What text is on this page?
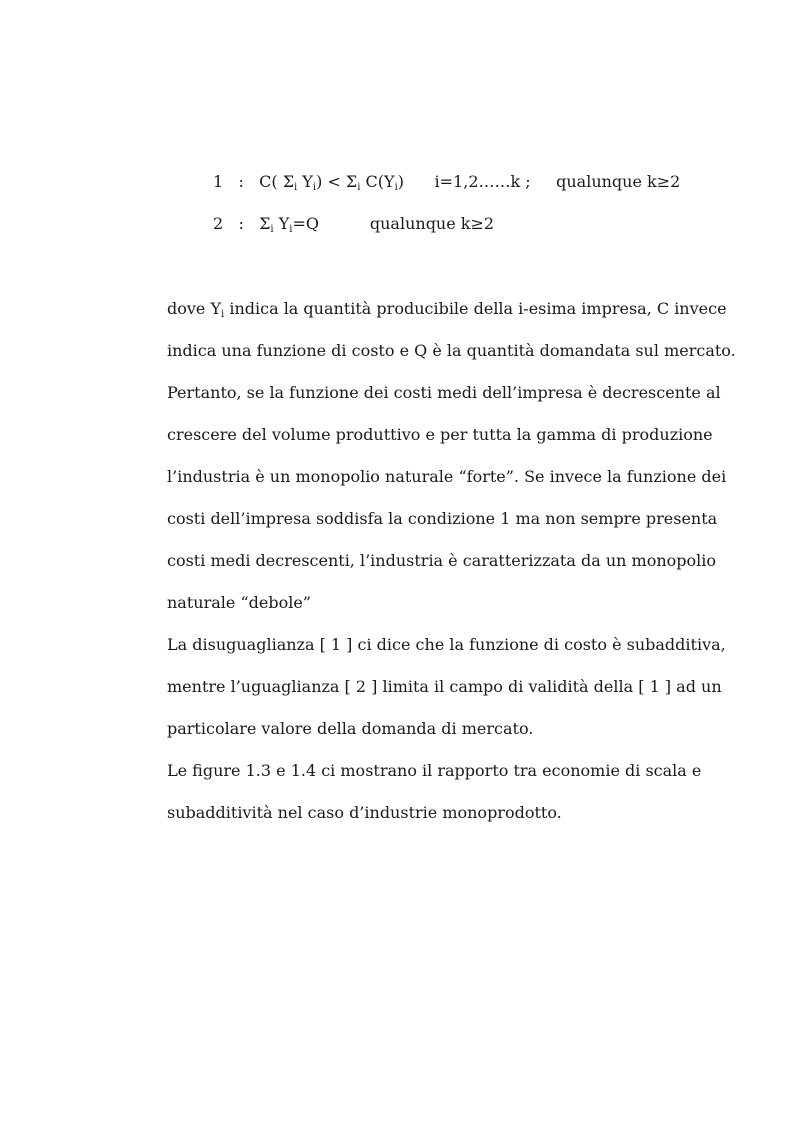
1 : C( $\Sigma_i$ $Y_i) < \Sigma_i$ $C(Y_i)$ i=1,2……k ; qualunque k≥2
2 : $\Sigma_i$ $Y_i=Q$	qualunque k≥2
dove $Y_i$ indica la quantità producibile della i-esima impresa, C invece
indica una funzione di costo e Q è la quantità domandata sul mercato.
Pertanto, se la funzione dei costi medi dell’impresa è decrescente al
crescere del volume produttivo e per tutta la gamma di produzione
l’industria è un monopolio naturale “forte”. Se invece la funzione dei
costi dell’impresa soddisfa la condizione 1 ma non sempre presenta
costi medi decrescenti, l’industria è caratterizzata da un monopolio
naturale “debole”
La disuguaglianza [ 1 ] ci dice che la funzione di costo è subadditiva,
mentre l’uguaglianza [ 2 ] limita il campo di validità della [ 1 ] ad un
particolare valore della domanda di mercato.
Le figure 1.3 e 1.4 ci mostrano il rapporto tra economie di scala e
subadditività nel caso d’industrie monoprodotto.
